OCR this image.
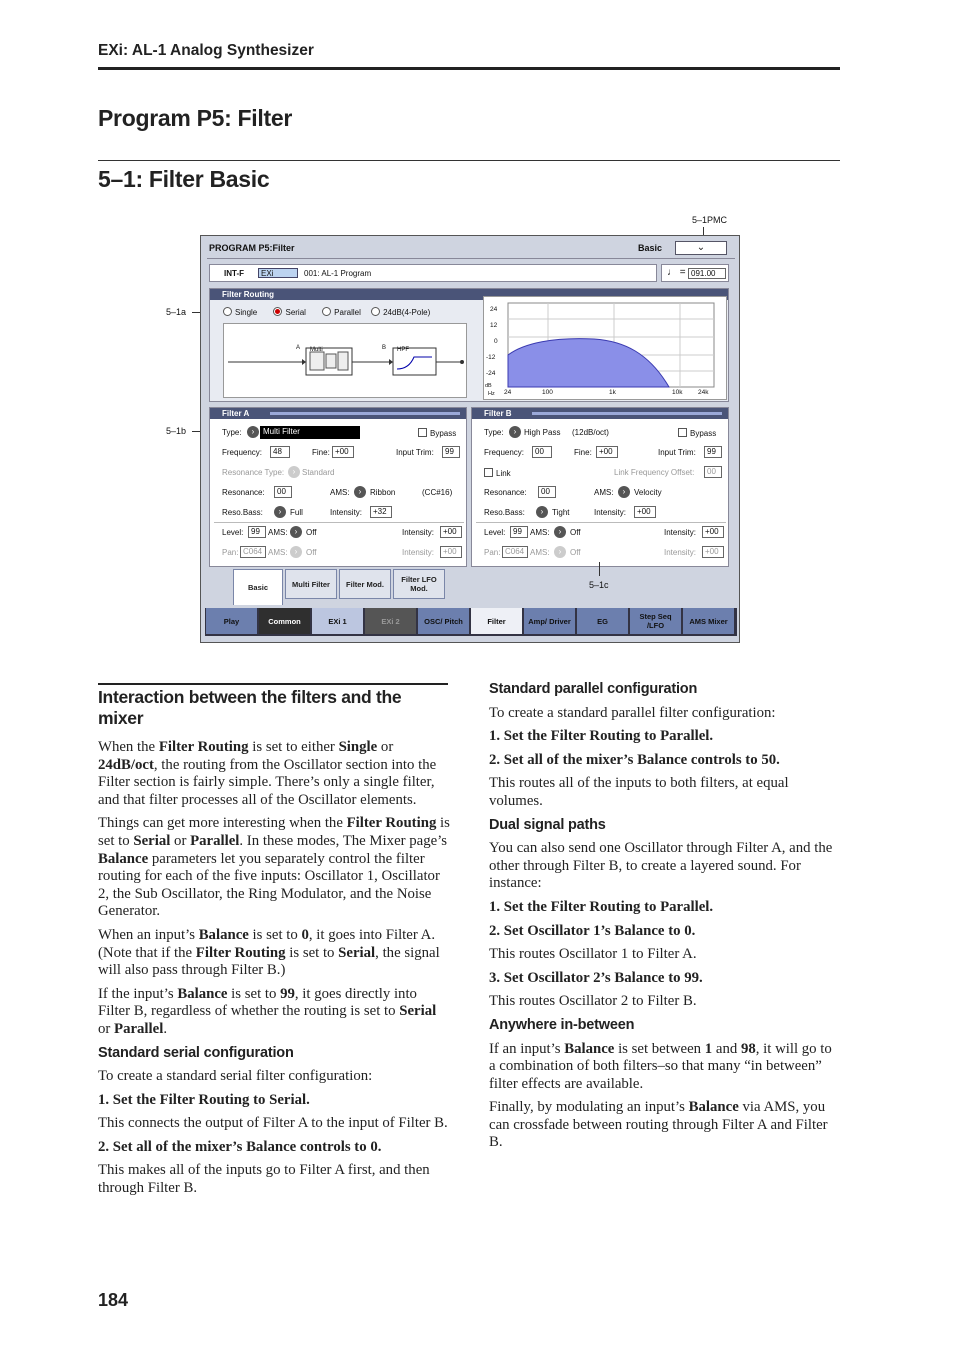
EXi: AL-1 Analog Synthesizer
Program P5: Filter
5–1: Filter Basic
5–1PMC
5–1a
5–1b
PROGRAM P5:Filter	Basic	⌄
INT-F	EXi	001: AL-1 Program	♩ = 091.00
Filter Routing
Single	Serial	Parallel	24dB(4-Pole)
Multi	HPF
A	B
24
12
0
-12
-24
dB
Hz 24	100	1k	10k 24k
Filter A
Type:	›	Multi Filter	Bypass
Frequency:	48	Fine: +00	Input Trim:	99
Resonance Type:	› Standard
Resonance:	00	AMS:	›	Ribbon	(CC#16)
Reso.Bass:	›	Full	Intensity:	+32
Level: 99	AMS: ›	Off	Intensity:	+00
Pan: C064 AMS: ›	Off	Intensity:	+00
Filter B
Type:	› High Pass (12dB/oct)	Bypass
Frequency:	00	Fine: +00	Input Trim:	99
Link	Link Frequency Offset:	00
Resonance:	00	AMS:	›	Velocity
Reso.Bass:	›	Tight	Intensity:	+00
Level: 99	AMS:	›	Off	Intensity:	+00
Pan: C064 AMS:	›	Off	Intensity:	+00
5–1c
Basic	Multi Filter	Filter Mod.	Filter LFO Mod.
Play	Common	EXi 1	EXi 2	OSC/ Pitch	Filter	Amp/ Driver	EG	Step Seq /LFO	AMS Mixer
Interaction between the filters and the mixer

When the Filter Routing is set to either Single or 24dB/oct, the routing from the Oscillator section into the Filter section is fairly simple. There’s only a single filter, and that filter processes all of the Oscillator elements.

Things can get more interesting when the Filter Routing is set to Serial or Parallel. In these modes, The Mixer page’s Balance parameters let you separately control the filter routing for each of the five inputs: Oscillator 1, Oscillator 2, the Sub Oscillator, the Ring Modulator, and the Noise Generator.

When an input’s Balance is set to 0, it goes into Filter A. (Note that if the Filter Routing is set to Serial, the signal will also pass through Filter B.)

If the input’s Balance is set to 99, it goes directly into Filter B, regardless of whether the routing is set to Serial or Parallel.

Standard serial configuration

To create a standard serial filter configuration:

1. Set the Filter Routing to Serial.

This connects the output of Filter A to the input of Filter B.

2. Set all of the mixer’s Balance controls to 0.

This makes all of the inputs go to Filter A first, and then through Filter B.

Standard parallel configuration

To create a standard parallel filter configuration:

1. Set the Filter Routing to Parallel.

2. Set all of the mixer’s Balance controls to 50.

This routes all of the inputs to both filters, at equal volumes.

Dual signal paths

You can also send one Oscillator through Filter A, and the other through Filter B, to create a layered sound. For instance:

1. Set the Filter Routing to Parallel.

2. Set Oscillator 1’s Balance to 0.

This routes Oscillator 1 to Filter A.

3. Set Oscillator 2’s Balance to 99.

This routes Oscillator 2 to Filter B.

Anywhere in-between

If an input’s Balance is set between 1 and 98, it will go to a combination of both filters–so that many “in between” filter effects are available.

Finally, by modulating an input’s Balance via AMS, you can crossfade between routing through Filter A and Filter B.

184
